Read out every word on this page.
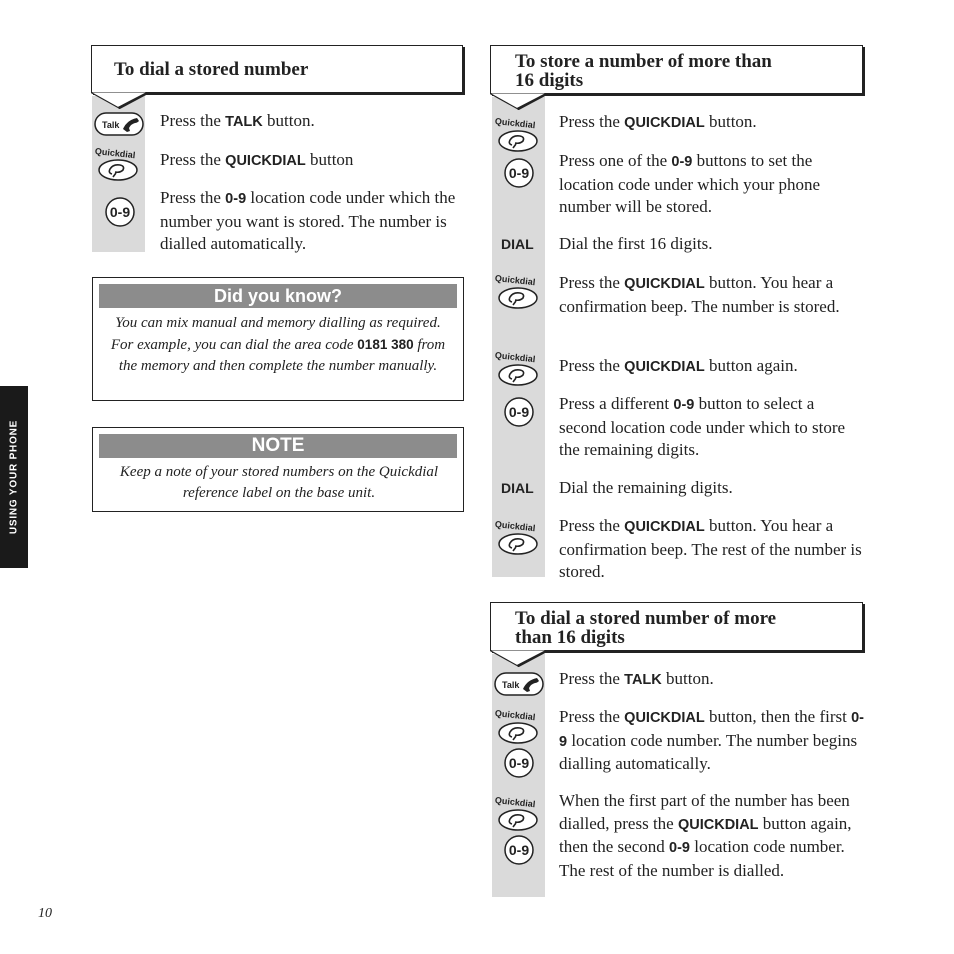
USING YOUR PHONE
10
To dial a stored number
Quickdial
Press the TALK button.
Press the QUICKDIAL button
Press the 0-9 location code under which the number you want is stored. The number is dialled automatically.
Did you know?
You can mix manual and memory dialling as required. For example, you can dial the area code 0181 380 from the memory and then complete the number manually.
NOTE
Keep a note of your stored numbers on the Quickdial reference label on the base unit.
To store a number of more than
16 digits
Quickdial
DIAL
Quickdial
Quickdial
DIAL
Quickdial
Press the QUICKDIAL button.
Press one of the 0-9 buttons to set the location code under which your phone number will be stored.
Dial the first 16 digits.
Press the QUICKDIAL button. You hear a confirmation beep. The number is stored.
Press the QUICKDIAL button again.
Press a different 0-9 button to select a second location code under which to store the remaining digits.
Dial the remaining digits.
Press the QUICKDIAL button. You hear a confirmation beep. The rest of the number is stored.
To dial a stored number of more
than 16 digits
Quickdial
Quickdial
Press the TALK button.
Press the QUICKDIAL button, then the first 0-9 location code number. The number begins dialling automatically.
When the first part of the number has been dialled, press the QUICKDIAL button again, then the second 0-9 location code number. The rest of the number is dialled.
